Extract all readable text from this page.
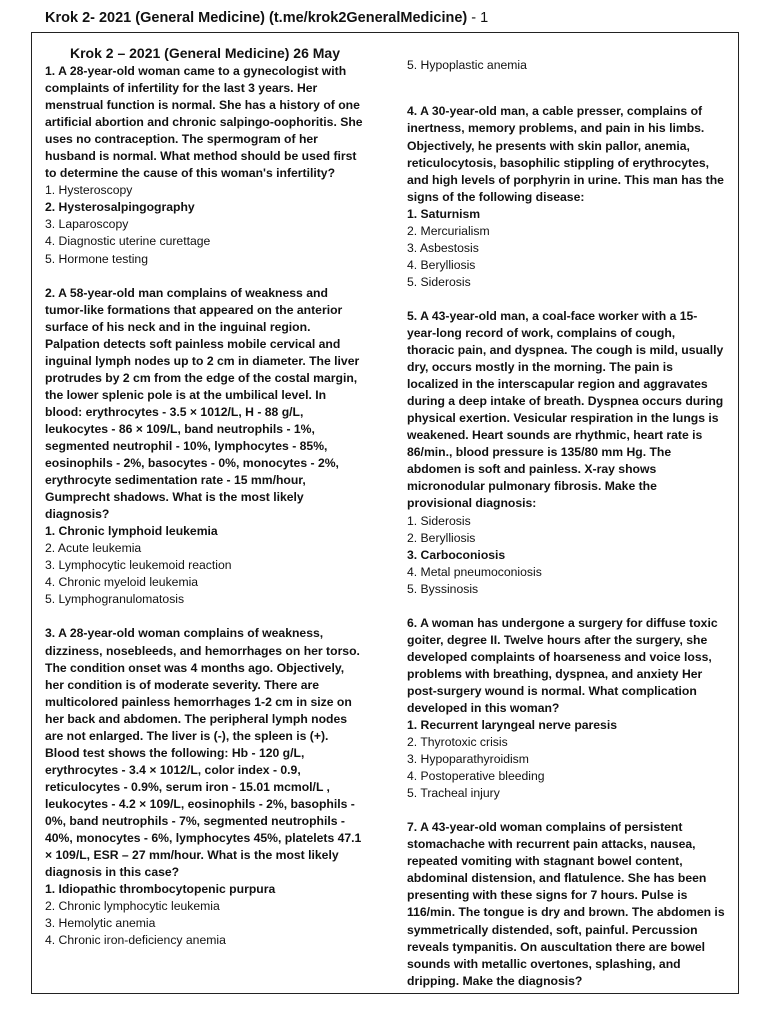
Krok 2- 2021 (General Medicine) (t.me/krok2GeneralMedicine) - 1
Krok 2 – 2021 (General Medicine) 26 May

1. A 28-year-old woman came to a gynecologist with complaints of infertility for the last 3 years. Her menstrual function is normal. She has a history of one artificial abortion and chronic salpingo-oophoritis. She uses no contraception. The spermogram of her husband is normal. What method should be used first to determine the cause of this woman's infertility?

1. Hysteroscopy

2. Hysterosalpingography

3. Laparoscopy

4. Diagnostic uterine curettage

5. Hormone testing

2. A 58-year-old man complains of weakness and tumor-like formations that appeared on the anterior surface of his neck and in the inguinal region. Palpation detects soft painless mobile cervical and inguinal lymph nodes up to 2 cm in diameter. The liver protrudes by 2 cm from the edge of the costal margin, the lower splenic pole is at the umbilical level. In blood: erythrocytes - 3.5 × 1012/L, H - 88 g/L, leukocytes - 86 × 109/L, band neutrophils - 1%, segmented neutrophil - 10%, lymphocytes - 85%, eosinophils - 2%, basocytes - 0%, monocytes - 2%, erythrocyte sedimentation rate - 15 mm/hour, Gumprecht shadows. What is the most likely diagnosis?

1. Chronic lymphoid leukemia

2. Acute leukemia

3. Lymphocytic leukemoid reaction

4. Chronic myeloid leukemia

5. Lymphogranulomatosis

3. A 28-year-old woman complains of weakness, dizziness, nosebleeds, and hemorrhages on her torso. The condition onset was 4 months ago. Objectively, her condition is of moderate severity. There are multicolored painless hemorrhages 1-2 cm in size on her back and abdomen. The peripheral lymph nodes are not enlarged. The liver is (-), the spleen is (+). Blood test shows the following: Hb - 120 g/L, erythrocytes - 3.4 × 1012/L, color index - 0.9, reticulocytes - 0.9%, serum iron - 15.01 mcmol/L , leukocytes - 4.2 × 109/L, eosinophils - 2%, basophils - 0%, band neutrophils - 7%, segmented neutrophils - 40%, monocytes - 6%, lymphocytes 45%, platelets 47.1 × 109/L, ESR – 27 mm/hour. What is the most likely diagnosis in this case?

1. Idiopathic thrombocytopenic purpura

2. Chronic lymphocytic leukemia

3. Hemolytic anemia

4. Chronic iron-deficiency anemia

5. Hypoplastic anemia

4. A 30-year-old man, a cable presser, complains of inertness, memory problems, and pain in his limbs. Objectively, he presents with skin pallor, anemia, reticulocytosis, basophilic stippling of erythrocytes, and high levels of porphyrin in urine. This man has the signs of the following disease:

1. Saturnism

2. Mercurialism

3. Asbestosis

4. Berylliosis

5. Siderosis

5. A 43-year-old man, a coal-face worker with a 15-year-long record of work, complains of cough, thoracic pain, and dyspnea. The cough is mild, usually dry, occurs mostly in the morning. The pain is localized in the interscapular region and aggravates during a deep intake of breath. Dyspnea occurs during physical exertion. Vesicular respiration in the lungs is weakened. Heart sounds are rhythmic, heart rate is 86/min., blood pressure is 135/80 mm Hg. The abdomen is soft and painless. X-ray shows micronodular pulmonary fibrosis. Make the provisional diagnosis:

1. Siderosis

2. Berylliosis

3. Carboconiosis

4. Metal pneumoconiosis

5. Byssinosis

6. A woman has undergone a surgery for diffuse toxic goiter, degree II. Twelve hours after the surgery, she developed complaints of hoarseness and voice loss, problems with breathing, dyspnea, and anxiety Her post-surgery wound is normal. What complication developed in this woman?

1. Recurrent laryngeal nerve paresis

2. Thyrotoxic crisis

3. Hypoparathyroidism

4. Postoperative bleeding

5. Tracheal injury

7. A 43-year-old woman complains of persistent stomachache with recurrent pain attacks, nausea, repeated vomiting with stagnant bowel content, abdominal distension, and flatulence. She has been presenting with these signs for 7 hours. Pulse is 116/min. The tongue is dry and brown. The abdomen is symmetrically distended, soft, painful. Percussion reveals tympanitis. On auscultation there are bowel sounds with metallic overtones, splashing, and dripping. Make the diagnosis?
